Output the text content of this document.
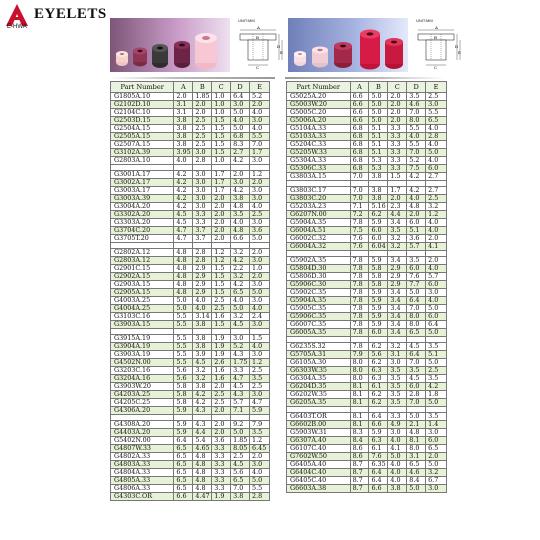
EYELETS
E-HWA
UNIT:MM
A
B
C
D
E
UNIT:MM
A
B
C
D
E
Part Number	A	B	C	D	E
G1805A.10	2.0	1.85	1.0	6.4	5.2
G2102D.10	3.1	2.0	1.0	3.0	2.0
G2104C.10	3.1	2.0	1.0	5.0	4.0
G2503D.15	3.8	2.5	1.5	4.0	3.0
G2504A.15	3.8	2.5	1.5	5.0	4.0
G2505A.15	3.8	2.5	1.5	6.8	5.5
G2507A.15	3.8	2.5	1.5	8.3	7.0
G3102A.39	3.95	3.0	1.5	2.7	1.7
G2803A.10	4.0	2.8	1.0	4.2	3.0

G3001A.17	4.2	3.0	1.7	2.0	1.2
G3002A.17	4.2	3.0	1.7	3.0	2.0
G3003A.17	4.2	3.0	1.7	4.2	3.0
G3003A.39	4.2	3.0	2.0	3.8	3.0
G3004A.20	4.2	3.0	2.0	4.8	4.0
G3302A.20	4.5	3.3	2.0	3.5	2.5
G3303A.20	4.5	3.3	2.0	4.0	3.0
G3704C.20	4.7	3.7	2.0	4.8	3.6
G3705T.20	4.7	3.7	2.0	6.6	5.0

G2802A.12	4.8	2.8	1.2	3.2	2.0
G2803A.12	4.8	2.8	1.2	4.2	3.0
G2901C.15	4.8	2.9	1.5	2.2	1.0
G2902A.15	4.8	2.9	1.5	3.2	2.0
G2903A.15	4.8	2.9	1.5	4.2	3.0
G2905A.15	4.8	2.9	1.5	6.5	5.0
G4003A.25	5.0	4.0	2.5	4.0	3.0
G4004A.25	5.0	4.0	2.5	5.0	4.0
G3103C.16	5.5	3.14	1.6	3.2	2.4
G3903A.15	5.5	3.8	1.5	4.5	3.0

G3915A.19	5.5	3.8	1.9	3.0	1.5
G3904A.19	5.5	3.8	1.9	5.2	4.0
G3903A.19	5.5	3.9	1.9	4.3	3.0
G4502N.00	5.5	4.5	2.6	1.75	1.2
G3203C.16	5.6	3.2	1.6	3.3	2.5
G3204A.16	5.6	3.2	1.6	4.7	3.5
G3903W.20	5.8	3.8	2.0	4.5	2.5
G4203A.25	5.8	4.2	2.5	4.3	3.0
G4205C.25	5.8	4.2	2.5	5.7	4.7
G4306A.20	5.9	4.3	2.0	7.1	5.9

G4308A.20	5.9	4.3	2.0	9.2	7.9
G4403A.20	5.9	4.4	2.0	5.0	3.5
G5402N.00	6.4	5.4	3.6	1.85	1.2
G4807W.33	6.5	4.65	3.3	8.05	6.45
G4802A.33	6.5	4.8	3.3	2.5	2.0
G4803A.33	6.5	4.8	3.3	4.5	3.0
G4804A.33	6.5	4.8	3.3	5.6	4.0
G4805A.33	6.5	4.8	3.3	6.5	5.0
G4806A.33	6.5	4.8	3.3	7.0	5.5
G4303C.OR	6.6	4.47	1.9	3.8	2.8
Part Number	A	B	C	D	E
G5025A.20	6.6	5.0	2.0	3.5	2.5
G5003W.20	6.6	5.0	2.0	4.6	3.0
G5005C.20	6.6	5.0	2.0	7.0	5.5
G5006A.20	6.6	5.0	2.0	8.0	6.5
G5104A.33	6.8	5.1	3.3	5.5	4.0
G5103A.33	6.8	5.1	3.3	4.0	2.8
G5204C.33	6.8	5.1	3.3	5.5	4.0
G5205W.33	6.8	5.1	3.3	7.0	5.0
G5304A.33	6.8	5.3	3.3	5.2	4.0
G5306C.33	6.8	5.3	3.3	7.5	6.0
G3803A.15	7.0	3.8	1.5	4.2	2.7

G3803C.17	7.0	3.8	1.7	4.2	2.7
G3803C.20	7.0	3.8	2.0	4.0	2.5
G5203A.23	7.1	5.16	2.3	4.8	3.2
G6207N.00	7.2	6.2	4.4	2.0	1.2
G5904A.35	7.8	5.9	3.4	6.0	4.0
G6004A.51	7.5	6.0	3.5	5.1	4.0
G6002C.32	7.6	6.0	3.2	3.6	2.0
G6004A.32	7.6	6.04	3.2	5.7	4.1

G5902A.35	7.8	5.9	3.4	3.5	2.0
G5804D.30	7.8	5.8	2.9	6.0	4.0
G5806D.30	7.8	5.8	2.9	7.6	5.7
G5906C.30	7.8	5.8	2.9	7.7	6.0
G5902C.35	7.8	5.9	3.4	5.0	3.0
G5904A.35	7.8	5.9	3.4	6.4	4.0
G5905C.35	7.8	5.9	3.4	7.0	5.0
G5906C.35	7.8	5.9	3.4	8.0	6.0
G6007C.35	7.8	5.9	3.4	8.0	6.4
G6005A.35	7.8	6.0	3.4	6.5	5.0

G6235S.32	7.8	6.2	3.2	4.5	3.5
G5705A.31	7.9	5.6	3.1	6.4	5.1
G6105A.30	8.0	6.2	3.0	7.0	5.0
G6303W.35	8.0	6.3	3.5	3.5	2.5
G6304A.35	8.0	6.3	3.5	4.5	3.5
G6204D.35	8.1	6.1	3.5	6.0	4.2
G6202W.35	8.1	6.2	3.5	2.8	1.8
G6205A.35	8.1	6.2	3.5	7.0	5.0

G6403T.OR	8.1	6.4	3.3	5.0	3.5
G6602B.00	8.1	6.6	4.9	2.1	1.4
G5903W.31	8.3	5.9	3.0	4.8	3.0
G6307A.40	8.4	6.3	4.0	8.1	6.0
G6107C.40	8.6	6.1	4.1	8.0	6.5
G7602W.50	8.6	7.6	5.0	3.1	2.0
G6405A.40	8.7	6.35	4.0	6.5	5.0
G6404C.40	8.7	6.4	4.0	4.6	3.2
G6405C.40	8.7	6.4	4.0	8.4	6.7
G6603A.38	8.7	6.6	3.8	5.0	3.0
